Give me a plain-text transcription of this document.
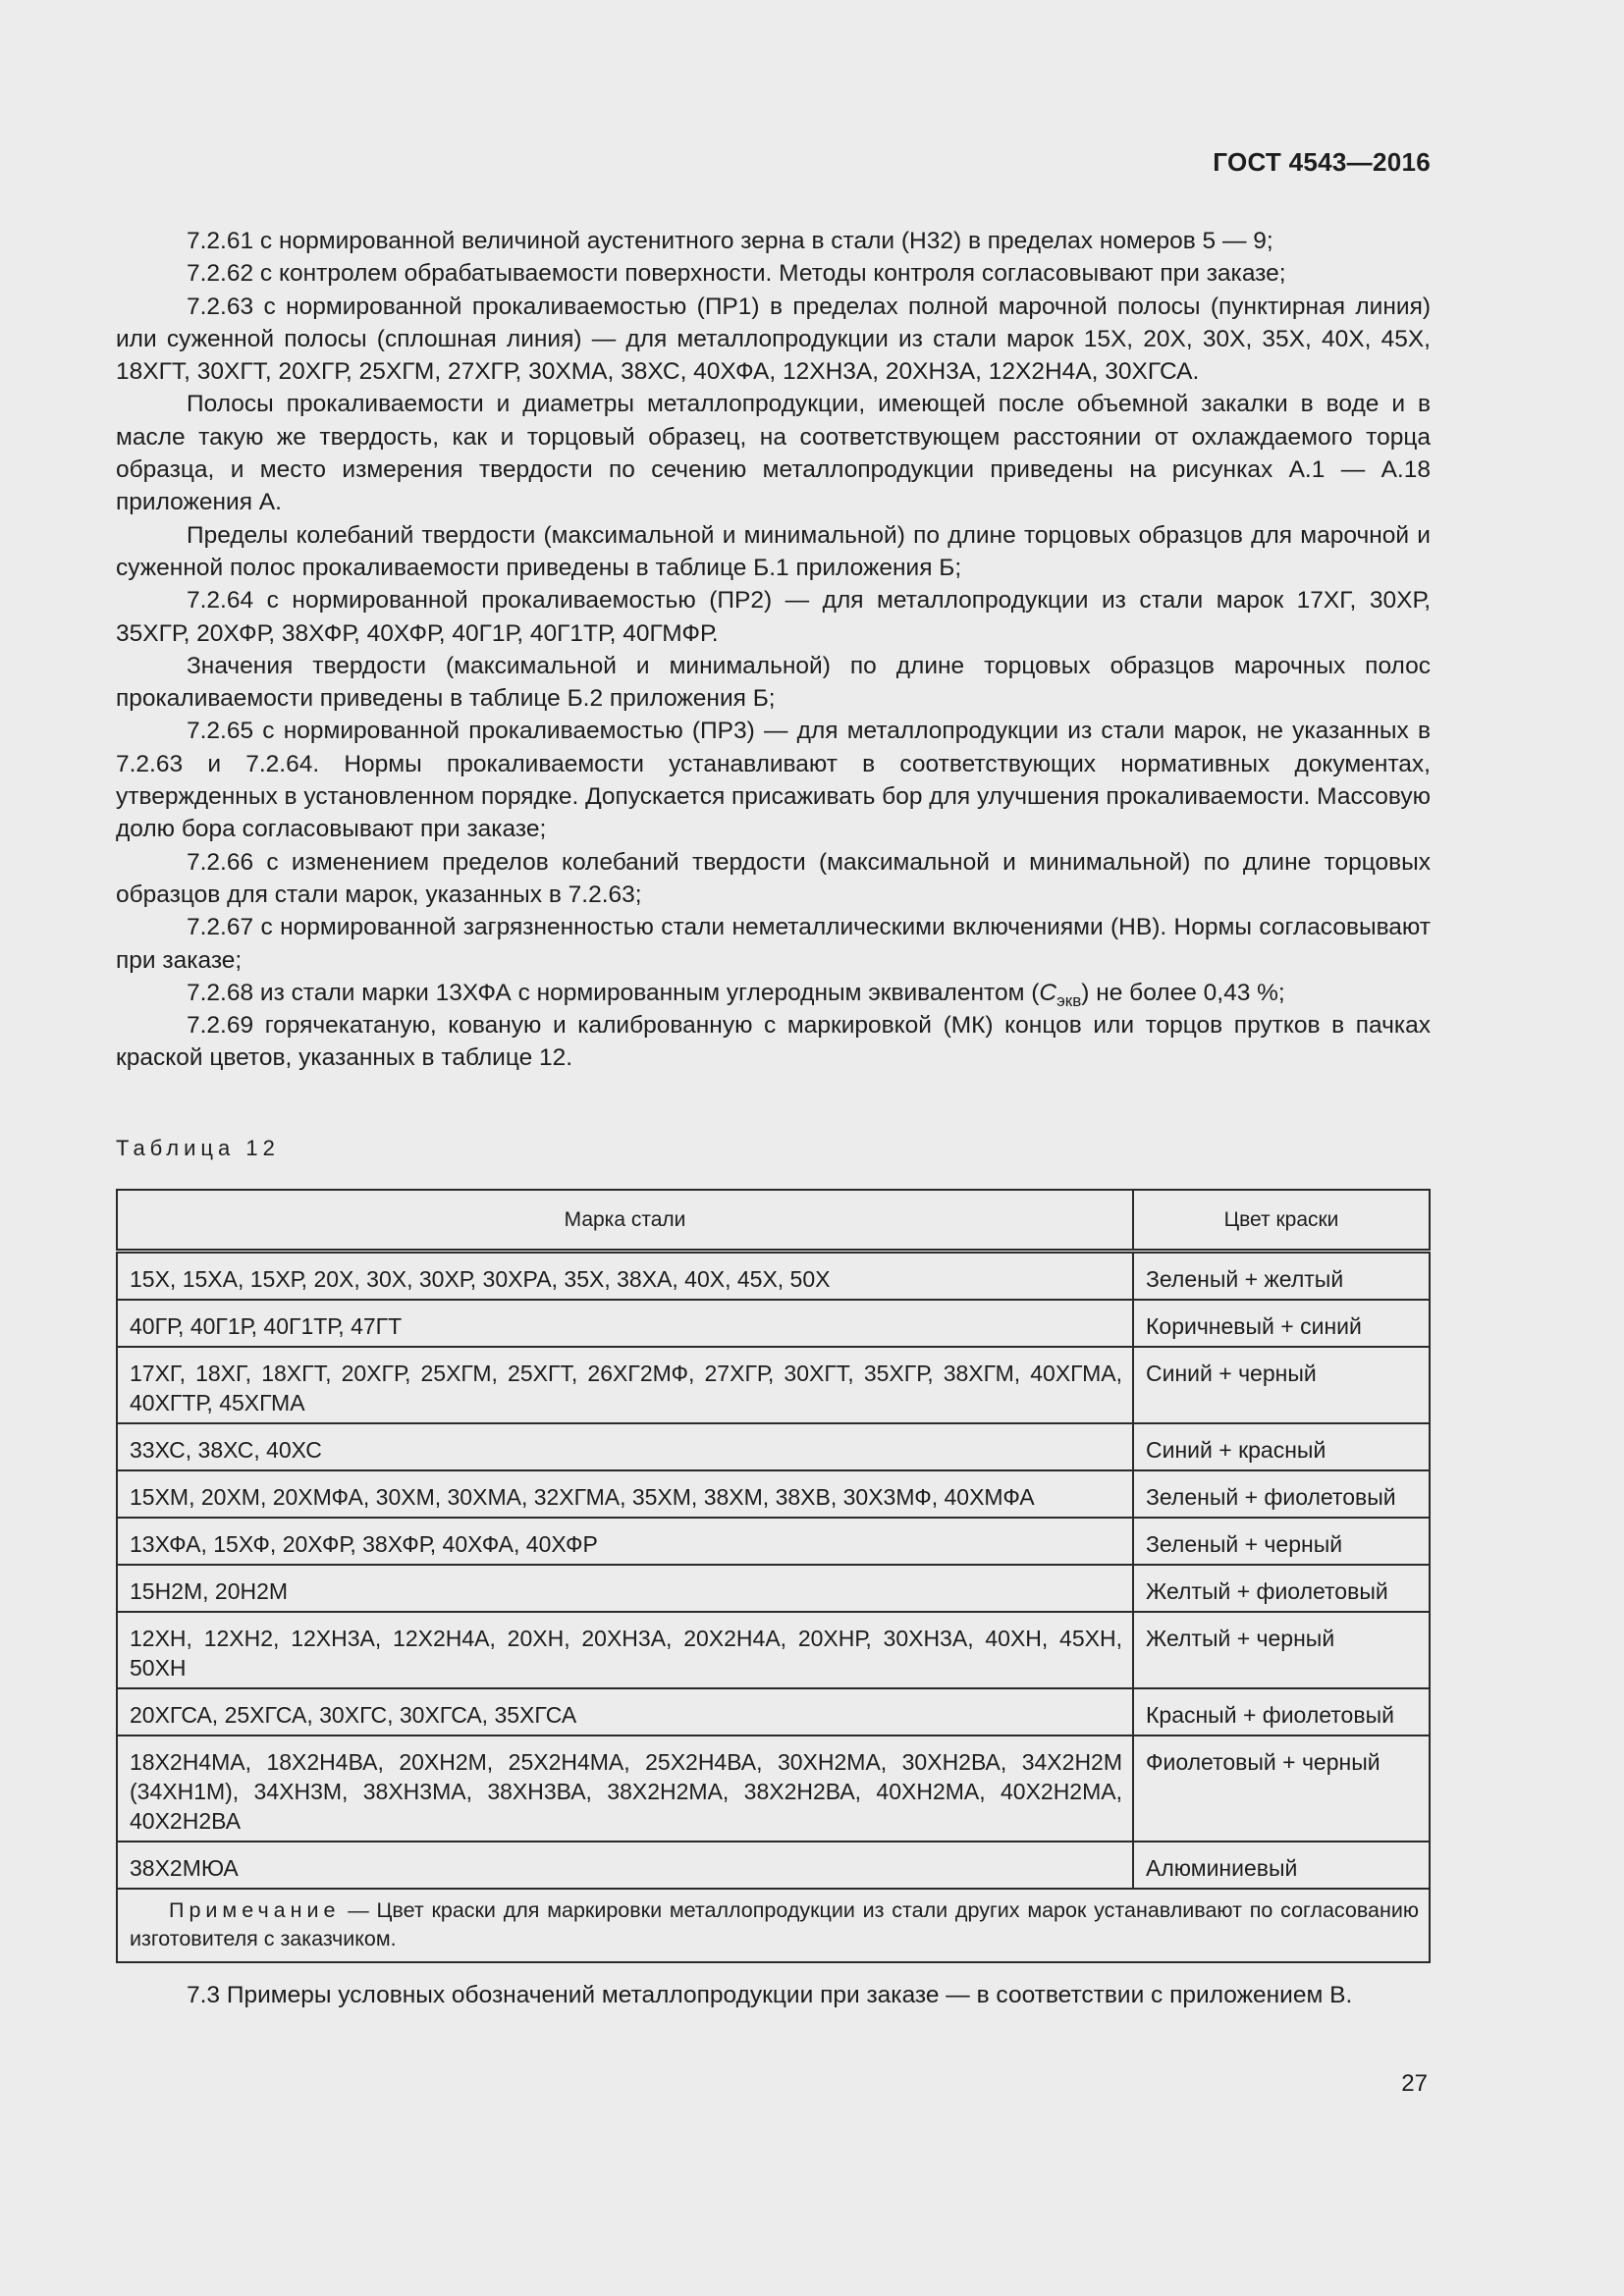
ГОСТ 4543—2016

7.2.61 с нормированной величиной аустенитного зерна в стали (Н32) в пределах номеров 5 — 9;

7.2.62 с контролем обрабатываемости поверхности. Методы контроля согласовывают при заказе;

7.2.63 с нормированной прокаливаемостью (ПР1) в пределах полной марочной полосы (пунктирная линия) или суженной полосы (сплошная линия) — для металлопродукции из стали марок 15Х, 20Х, 30Х, 35Х, 40Х, 45Х, 18ХГТ, 30ХГТ, 20ХГР, 25ХГМ, 27ХГР, 30ХМА, 38ХС, 40ХФА, 12ХН3А, 20ХН3А, 12Х2Н4А, 30ХГСА.

Полосы прокаливаемости и диаметры металлопродукции, имеющей после объемной закалки в воде и в масле такую же твердость, как и торцовый образец, на соответствующем расстоянии от охлаждаемого торца образца, и место измерения твердости по сечению металлопродукции приведены на рисунках А.1 — А.18 приложения А.

Пределы колебаний твердости (максимальной и минимальной) по длине торцовых образцов для марочной и суженной полос прокаливаемости приведены в таблице Б.1 приложения Б;

7.2.64 с нормированной прокаливаемостью (ПР2) — для металлопродукции из стали марок 17ХГ, 30ХР, 35ХГР, 20ХФР, 38ХФР, 40ХФР, 40Г1Р, 40Г1ТР, 40ГМФР.

Значения твердости (максимальной и минимальной) по длине торцовых образцов марочных полос прокаливаемости приведены в таблице Б.2 приложения Б;

7.2.65 с нормированной прокаливаемостью (ПР3) — для металлопродукции из стали марок, не указанных в 7.2.63 и 7.2.64. Нормы прокаливаемости устанавливают в соответствующих нормативных документах, утвержденных в установленном порядке. Допускается присаживать бор для улучшения прокаливаемости. Массовую долю бора согласовывают при заказе;

7.2.66 с изменением пределов колебаний твердости (максимальной и минимальной) по длине торцовых образцов для стали марок, указанных в 7.2.63;

7.2.67 с нормированной загрязненностью стали неметаллическими включениями (НВ). Нормы согласовывают при заказе;

7.2.68 из стали марки 13ХФА с нормированным углеродным эквивалентом $(C_{экв})$ не более 0,43 %;

7.2.69 горячекатаную, кованую и калиброванную с маркировкой (МК) концов или торцов прутков в пачках краской цветов, указанных в таблице 12.

Таблица 12
Марка стали	Цвет краски
15Х, 15ХА, 15ХР, 20Х, 30Х, 30ХР, 30ХРА, 35Х, 38ХА, 40Х, 45Х, 50Х	Зеленый + желтый
40ГР, 40Г1Р, 40Г1ТР, 47ГТ	Коричневый + синий
17ХГ, 18ХГ, 18ХГТ, 20ХГР, 25ХГМ, 25ХГТ, 26ХГ2МФ, 27ХГР, 30ХГТ, 35ХГР, 38ХГМ, 40ХГМА, 40ХГТР, 45ХГМА	Синий + черный
33ХС, 38ХС, 40ХС	Синий + красный
15ХМ, 20ХМ, 20ХМФА, 30ХМ, 30ХМА, 32ХГМА, 35ХМ, 38ХМ, 38ХВ, 30Х3МФ, 40ХМФА	Зеленый + фиолетовый
13ХФА, 15ХФ, 20ХФР, 38ХФР, 40ХФА, 40ХФР	Зеленый + черный
15Н2М, 20Н2М	Желтый + фиолетовый
12ХН, 12ХН2, 12ХН3А, 12Х2Н4А, 20ХН, 20ХН3А, 20Х2Н4А, 20ХНР, 30ХН3А, 40ХН, 45ХН, 50ХН	Желтый + черный
20ХГСА, 25ХГСА, 30ХГС, 30ХГСА, 35ХГСА	Красный + фиолетовый
18Х2Н4МА, 18Х2Н4ВА, 20ХН2М, 25Х2Н4МА, 25Х2Н4ВА, 30ХН2МА, 30ХН2ВА, 34Х2Н2М (34ХН1М), 34ХН3М, 38ХН3МА, 38ХН3ВА, 38Х2Н2МА, 38Х2Н2ВА, 40ХН2МА, 40Х2Н2МА, 40Х2Н2ВА	Фиолетовый + черный
38Х2МЮА	Алюминиевый
Примечание — Цвет краски для маркировки металлопродукции из стали других марок устанавливают по согласованию изготовителя с заказчиком.	

7.3 Примеры условных обозначений металлопродукции при заказе — в соответствии с приложением В.

27
